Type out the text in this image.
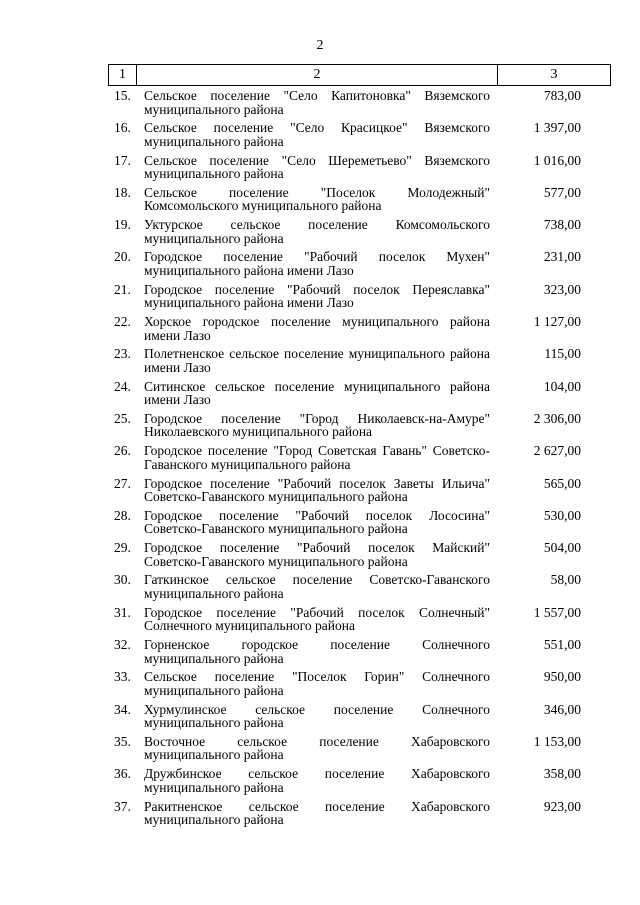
2
1	2	3
15. Сельское поселение "Село Капитоновка" Вяземского муниципального района
783,00
16. Сельское поселение "Село Красицкое" Вяземского муниципального района
1 397,00
17. Сельское поселение "Село Шереметьево" Вяземского муниципального района
1 016,00
18. Сельское поселение "Поселок Молодежный" Комсомольского муниципального района
577,00
19. Уктурское сельское поселение Комсомольского муниципального района
738,00
20. Городское поселение "Рабочий поселок Мухен" муниципального района имени Лазо
231,00
21. Городское поселение "Рабочий поселок Переяславка" муниципального района имени Лазо
323,00
22. Хорское городское поселение муниципального района имени Лазо
1 127,00
23. Полетненское сельское поселение муниципального района имени Лазо
115,00
24. Ситинское сельское поселение муниципального района имени Лазо
104,00
25. Городское поселение "Город Николаевск-на-Амуре" Николаевского муниципального района
2 306,00
26. Городское поселение "Город Советская Гавань" Советско-Гаванского муниципального района
2 627,00
27. Городское поселение "Рабочий поселок Заветы Ильича" Советско-Гаванского муниципального района
565,00
28. Городское поселение "Рабочий поселок Лососина" Советско-Гаванского муниципального района
530,00
29. Городское поселение "Рабочий поселок Майский" Советско-Гаванского муниципального района
504,00
30. Гаткинское сельское поселение Советско-Гаванского муниципального района
58,00
31. Городское поселение "Рабочий поселок Солнечный" Солнечного муниципального района
1 557,00
32. Горненское городское поселение Солнечного муниципального района
551,00
33. Сельское поселение "Поселок Горин" Солнечного муниципального района
950,00
34. Хурмулинское сельское поселение Солнечного муниципального района
346,00
35. Восточное сельское поселение Хабаровского муниципального района
1 153,00
36. Дружбинское сельское поселение Хабаровского муниципального района
358,00
37. Ракитненское сельское поселение Хабаровского муниципального района
923,00
